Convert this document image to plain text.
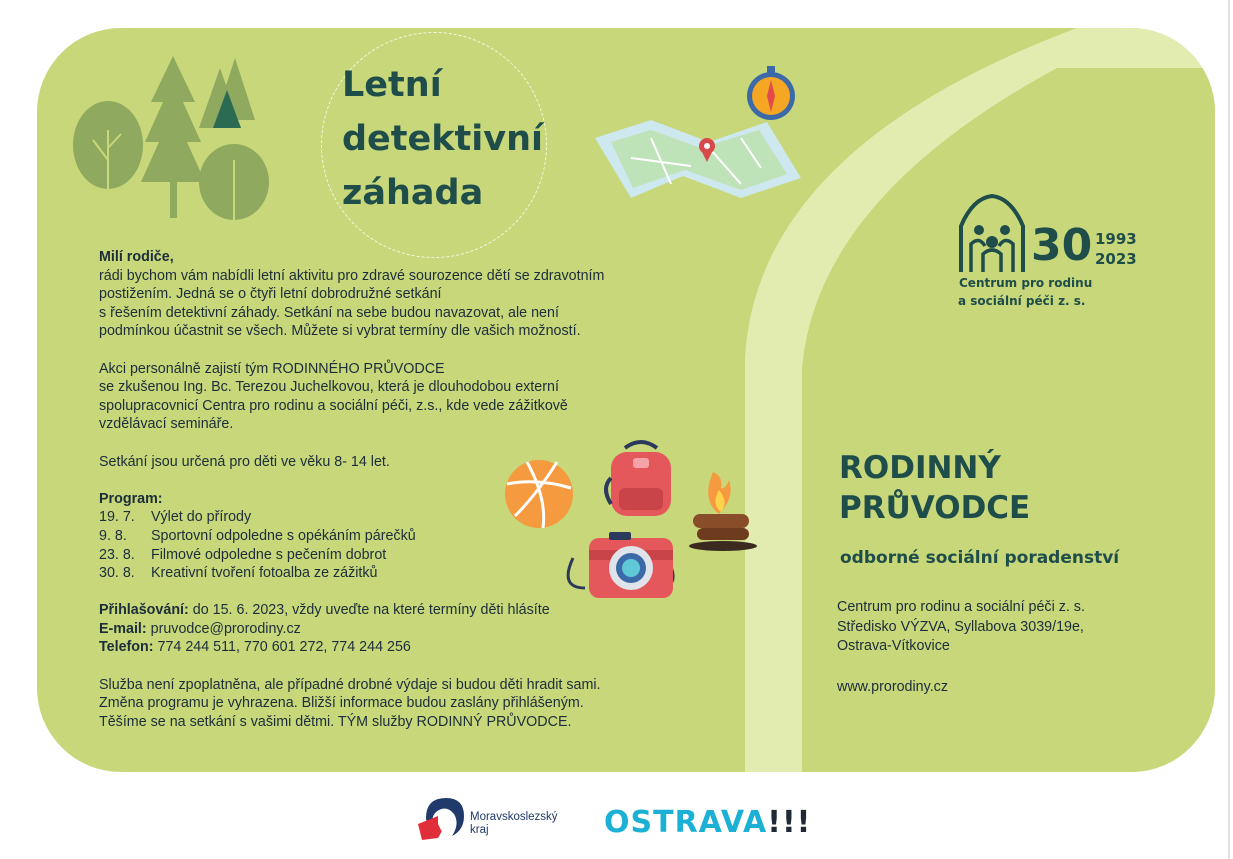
Letní
detektivní
záhada

Milí rodiče,

rádi bychom vám nabídli letní aktivitu pro zdravé sourozence dětí se zdravotním

postižením. Jedná se o čtyři letní dobrodružné setkání

s řešením detektivní záhady. Setkání na sebe budou navazovat, ale není

podmínkou účastnit se všech. Můžete si vybrat termíny dle vašich možností.

Akci personálně zajistí tým RODINNÉHO PRŮVODCE

se zkušenou Ing. Bc. Terezou Juchelkovou, která je dlouhodobou externí

spolupracovnicí Centra pro rodinu a sociální péči, z.s., kde vede zážitkově

vzdělávací semináře.

Setkání jsou určená pro děti ve věku 8- 14 let.

Program:

19. 7.	Výlet do přírody
9. 8.	Sportovní odpoledne s opékáním párečků
23. 8.	Filmové odpoledne s pečením dobrot
30. 8.	Kreativní tvoření fotoalba ze zážitků

Přihlašování: do 15. 6. 2023, vždy uveďte na které termíny děti hlásíte

E-mail: pruvodce@prorodiny.cz

Telefon: 774 244 511, 770 601 272, 774 244 256

Služba není zpoplatněna, ale případné drobné výdaje si budou děti hradit sami.

Změna programu je vyhrazena. Bližší informace budou zaslány přihlášeným.

Těšíme se na setkání s vašimi dětmi. TÝM služby RODINNÝ PRŮVODCE.

30 1993
2023
Centrum pro rodinu
a sociální péči z. s.
RODINNÝ
PRŮVODCE
odborné sociální poradenství
Centrum pro rodinu a sociální péči z. s.
Středisko VÝZVA, Syllabova 3039/19e,
Ostrava-Vítkovice
www.prorodiny.cz
Moravskoslezský
kraj	OSTRAVA!!!
